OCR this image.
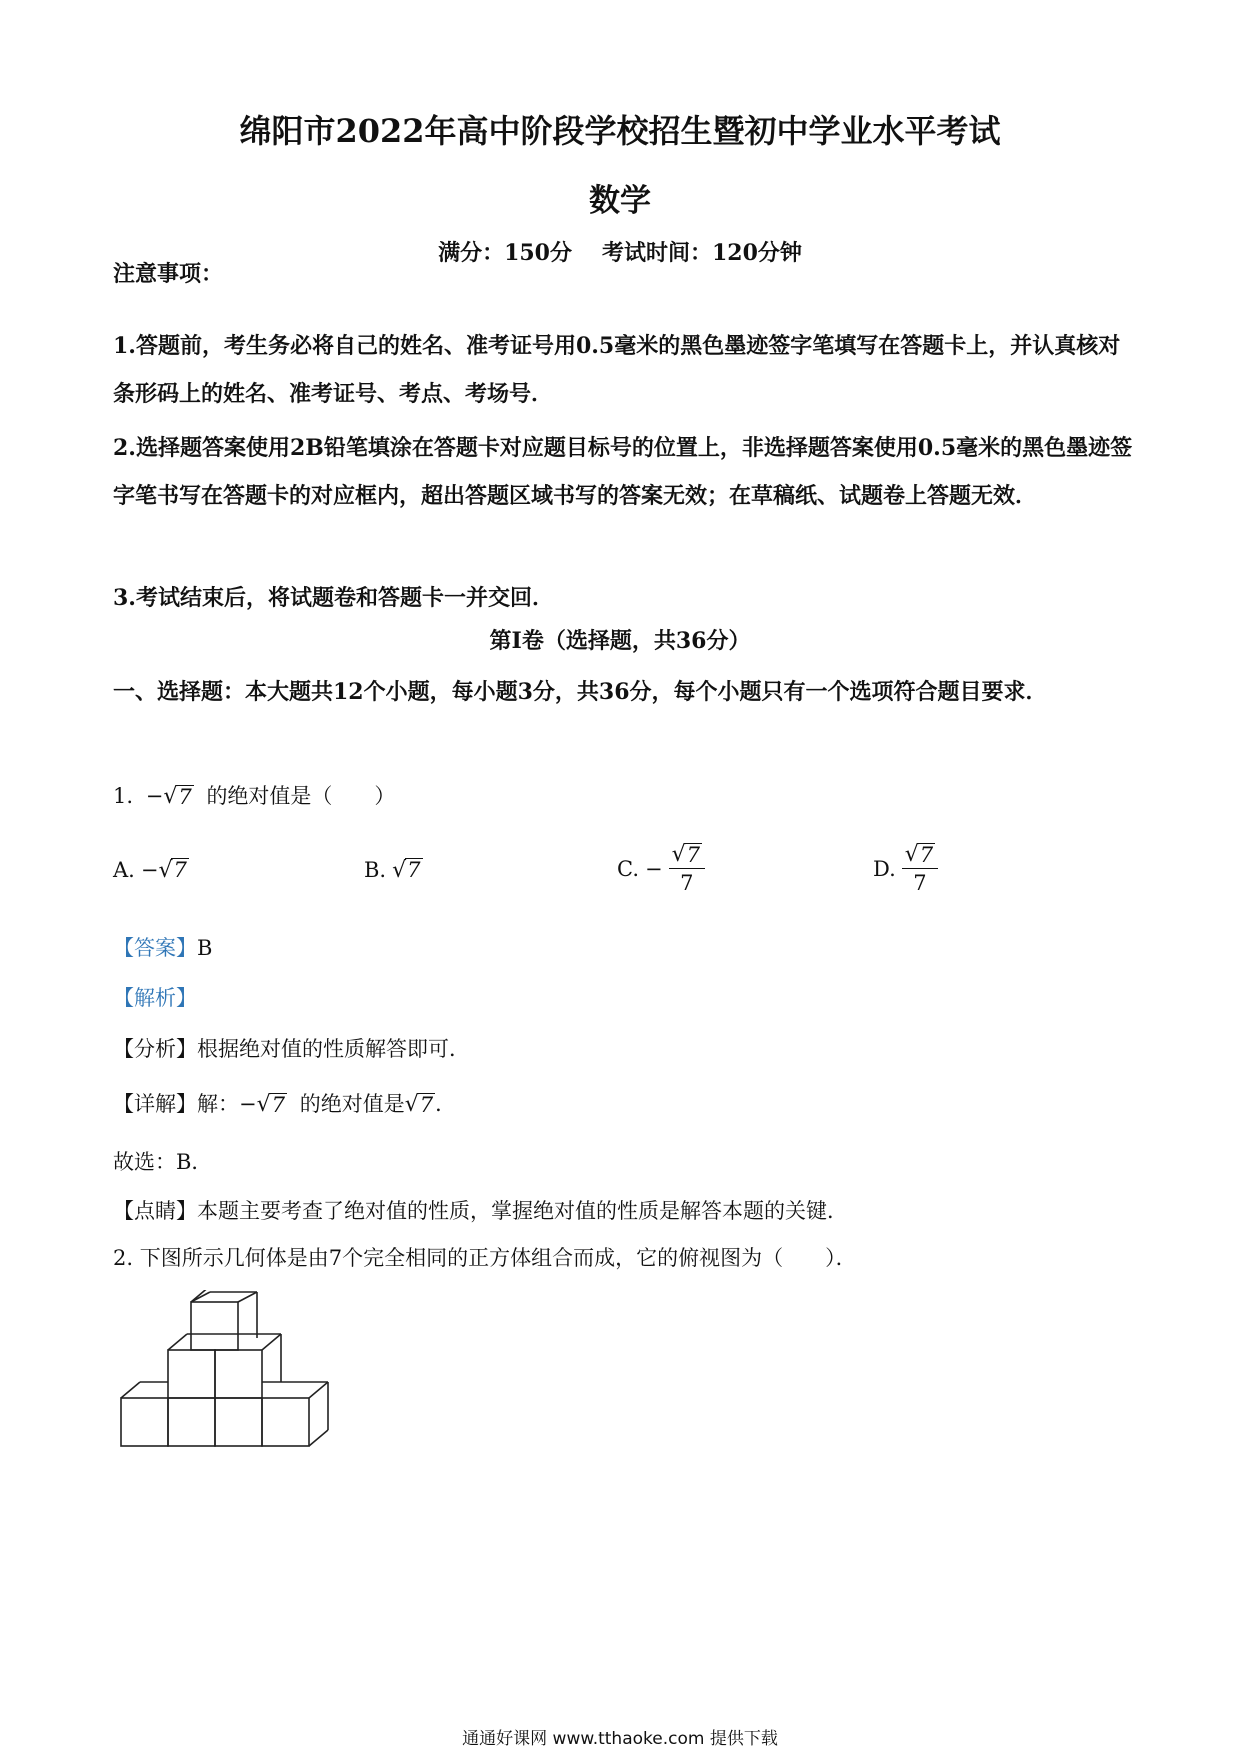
绵阳市2022年高中阶段学校招生暨初中学业水平考试
数学
满分：150分 考试时间：120分钟
注意事项：
1.答题前，考生务必将自己的姓名、准考证号用0.5毫米的黑色墨迹签字笔填写在答题卡上，并认真核对条形码上的姓名、准考证号、考点、考场号．
2.选择题答案使用2B铅笔填涂在答题卡对应题目标号的位置上，非选择题答案使用0.5毫米的黑色墨迹签字笔书写在答题卡的对应框内，超出答题区域书写的答案无效；在草稿纸、试题卷上答题无效．
3.考试结束后，将试题卷和答题卡一并交回．
第Ⅰ卷（选择题，共36分）
一、选择题：本大题共12个小题，每小题3分，共36分，每个小题只有一个选项符合题目要求．
1. − √ 7 的绝对值是（　　）
A. − √ 7	B. √ 7	C. − $\frac{√ 7}{7}$	D. $\frac{√ 7}{7}$
【答案】B
【解析】
【分析】根据绝对值的性质解答即可．
【详解】解：− √ 7 的绝对值是 √ 7 ．
故选：B．
【点睛】本题主要考查了绝对值的性质，掌握绝对值的性质是解答本题的关键．
2. 下图所示几何体是由7个完全相同的正方体组合而成，它的俯视图为（　　）．
通通好课网 www.tthaoke.com 提供下载
